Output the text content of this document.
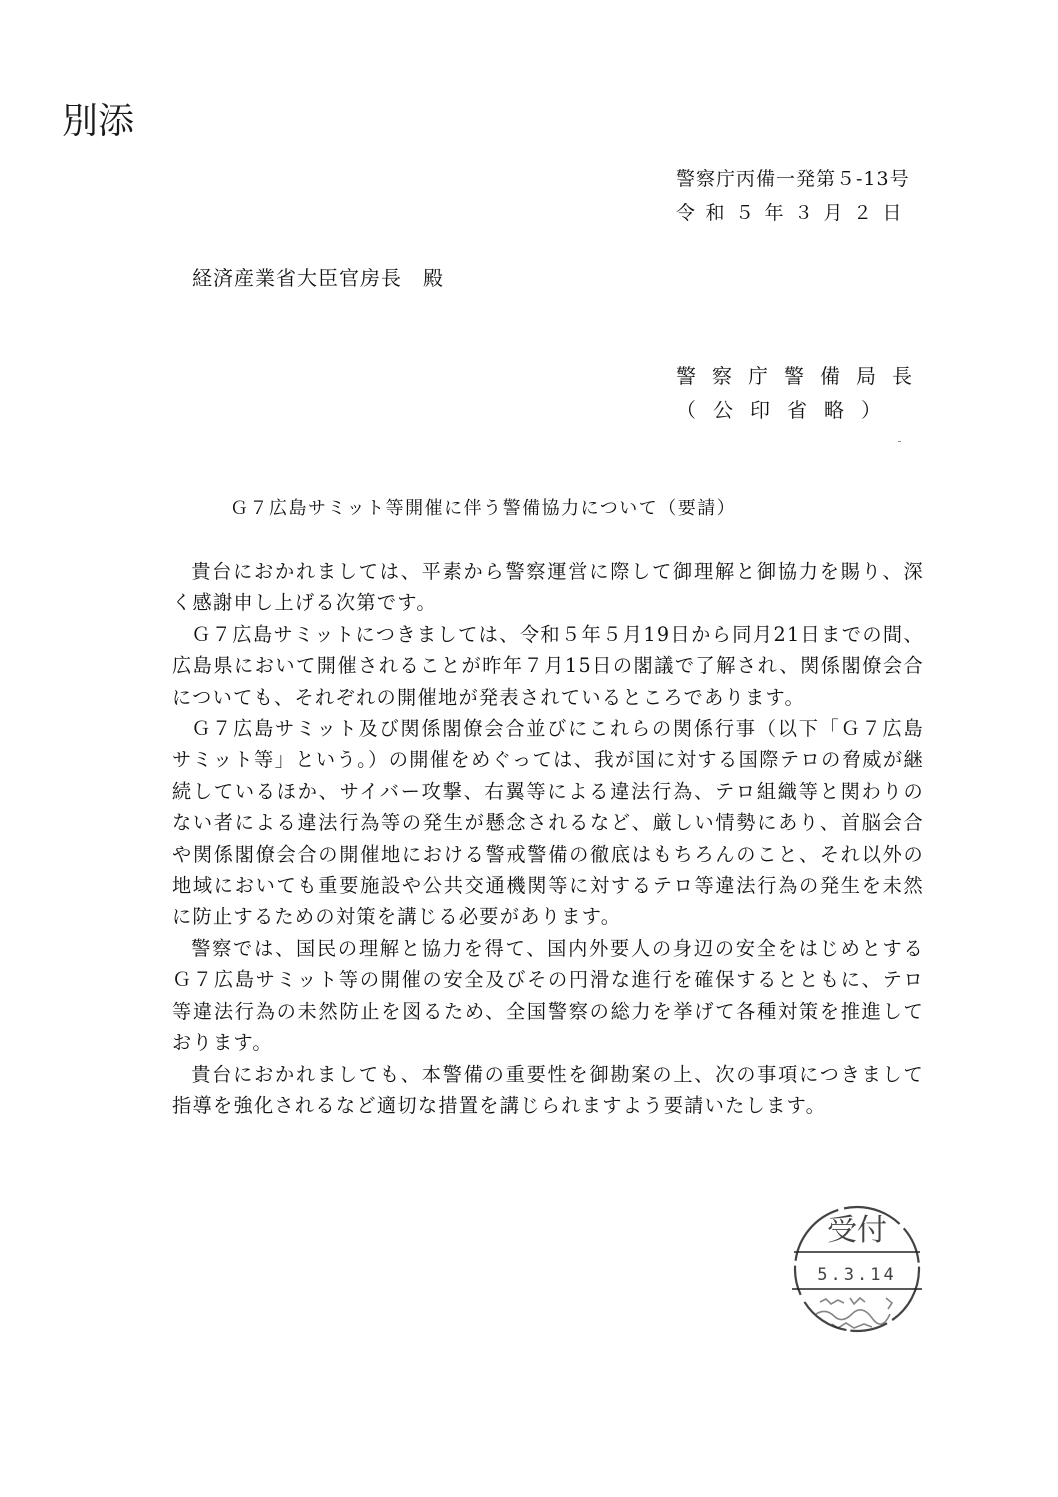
別添
警察庁丙備一発第５-13号
令和５年３月２日
経済産業省大臣官房長　殿
警察庁警備局長
（公印省略）
Ｇ７広島サミット等開催に伴う警備協力について（要請）

貴台におかれましては、平素から警察運営に際して御理解と御協力を賜り、深く感謝申し上げる次第です。

Ｇ７広島サミットにつきましては、令和５年５月19日から同月21日までの間、広島県において開催されることが昨年７月15日の閣議で了解され、関係閣僚会合についても、それぞれの開催地が発表されているところであります。

Ｇ７広島サミット及び関係閣僚会合並びにこれらの関係行事（以下「Ｇ７広島サミット等」という。）の開催をめぐっては、我が国に対する国際テロの脅威が継続しているほか、サイバー攻撃、右翼等による違法行為、テロ組織等と関わりのない者による違法行為等の発生が懸念されるなど、厳しい情勢にあり、首脳会合や関係閣僚会合の開催地における警戒警備の徹底はもちろんのこと、それ以外の地域においても重要施設や公共交通機関等に対するテロ等違法行為の発生を未然に防止するための対策を講じる必要があります。

警察では、国民の理解と協力を得て、国内外要人の身辺の安全をはじめとするＧ７広島サミット等の開催の安全及びその円滑な進行を確保するとともに、テロ等違法行為の未然防止を図るため、全国警察の総力を挙げて各種対策を推進しております。

貴台におかれましても、本警備の重要性を御勘案の上、次の事項につきまして指導を強化されるなど適切な措置を講じられますよう要請いたします。

受付
5.3.14
